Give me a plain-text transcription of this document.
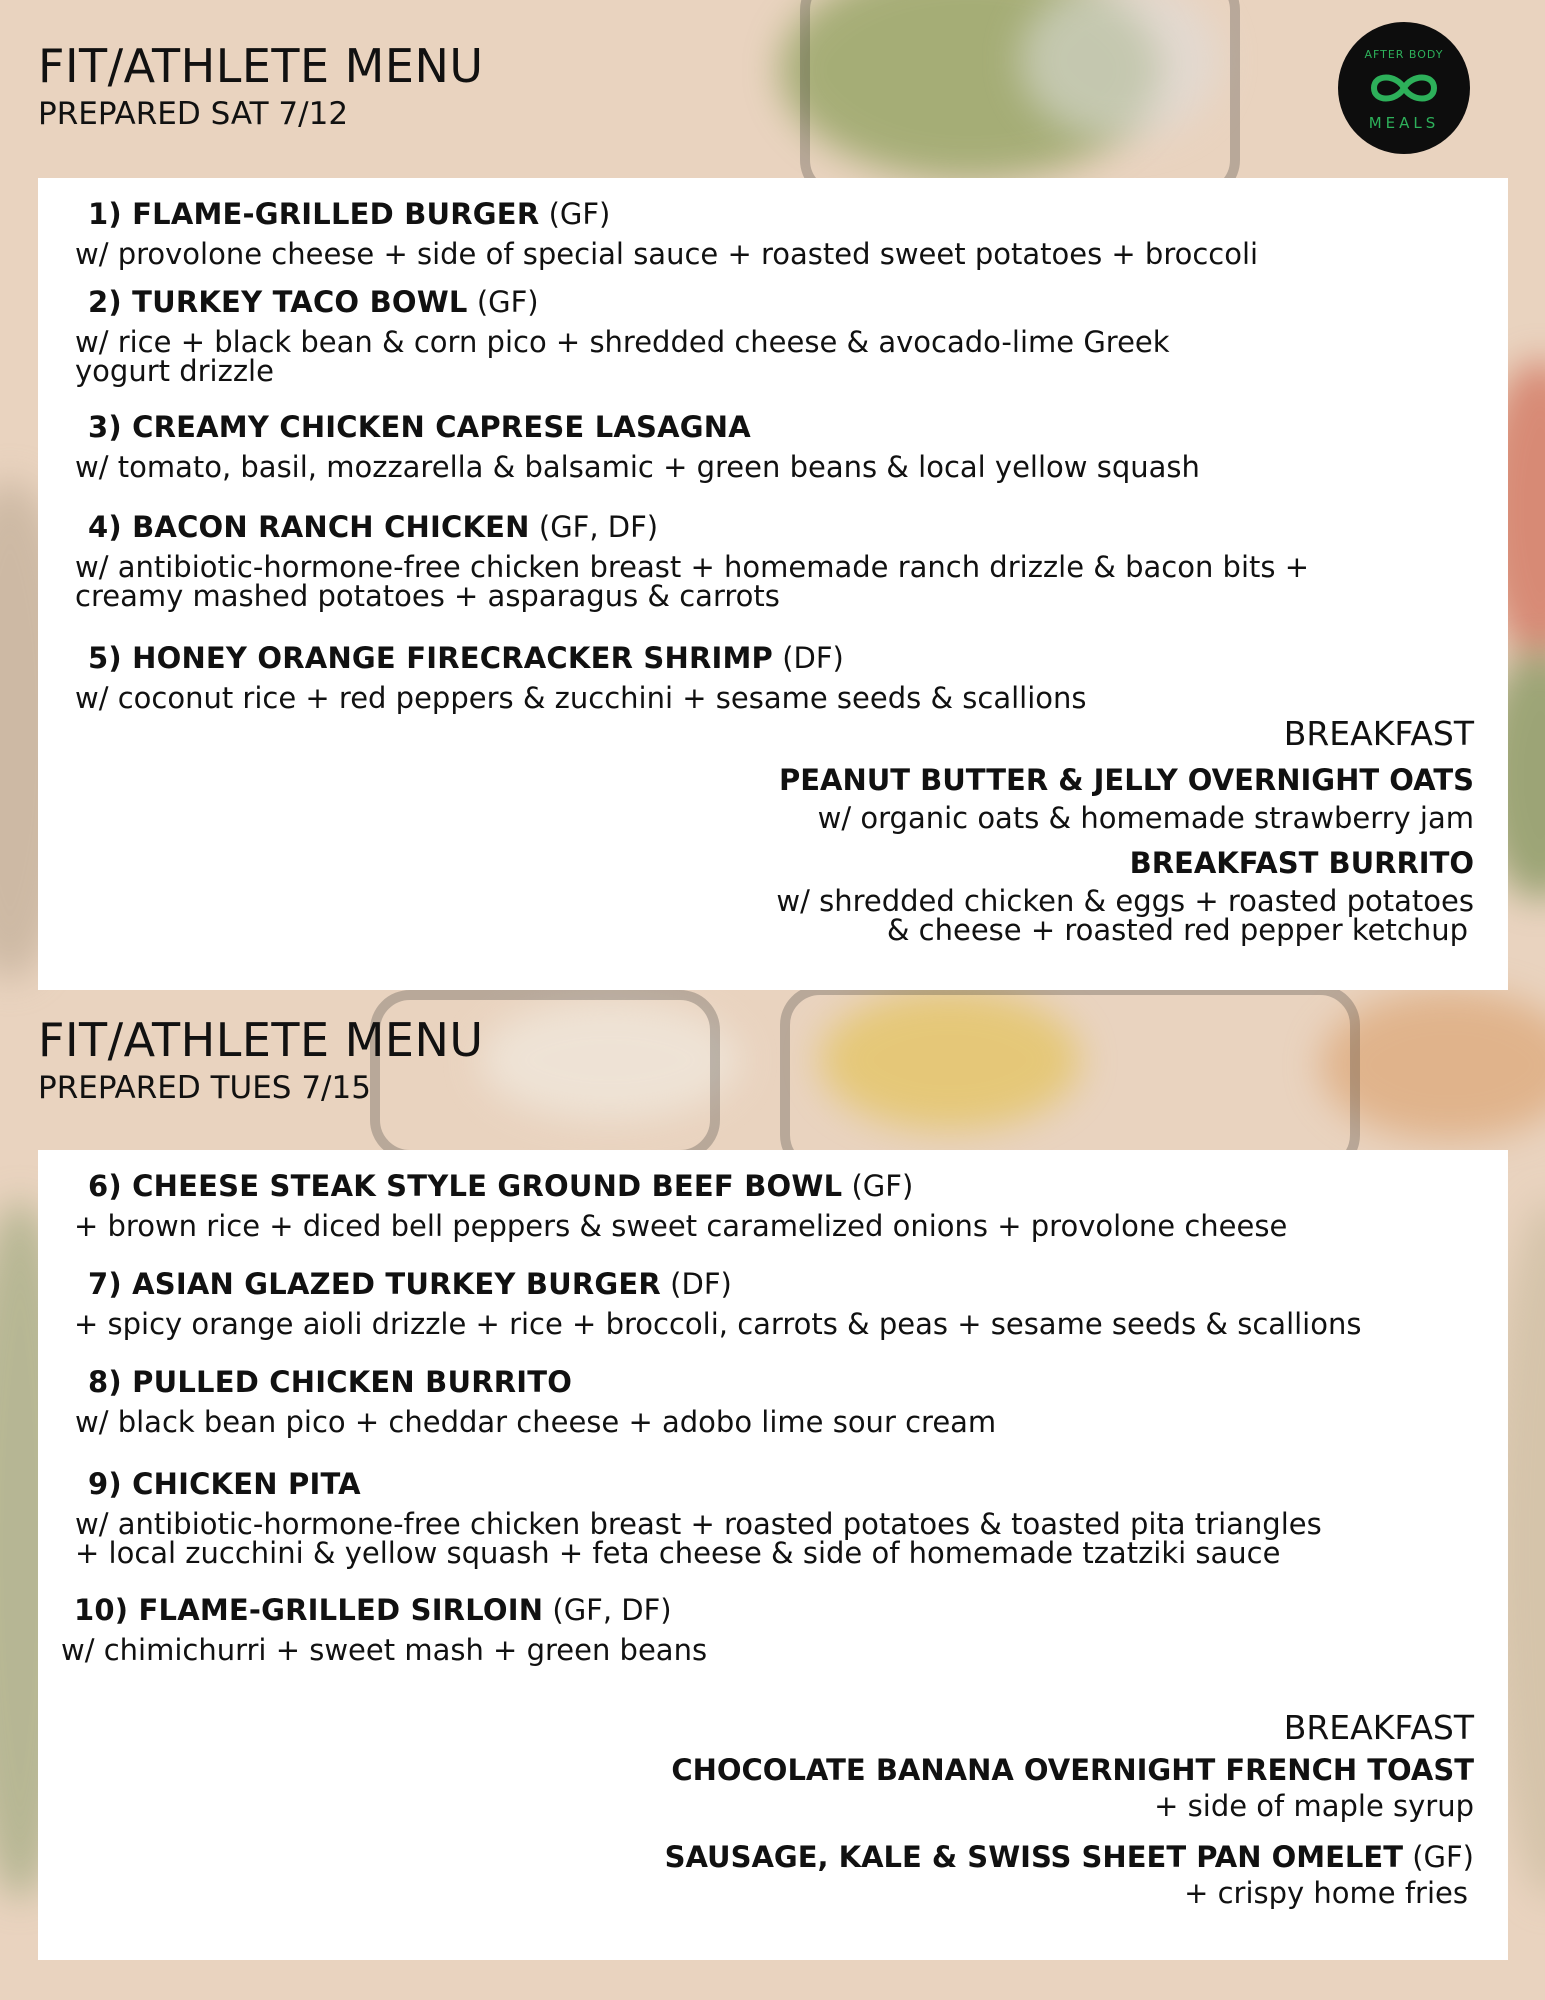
AFTER BODY
MEALS
FIT/ATHLETE MENU
PREPARED SAT 7/12
1) FLAME-GRILLED BURGER (GF)
w/ provolone cheese + side of special sauce + roasted sweet potatoes + broccoli
2) TURKEY TACO BOWL (GF)
w/ rice + black bean & corn pico + shredded cheese & avocado-lime Greek
yogurt drizzle
3) CREAMY CHICKEN CAPRESE LASAGNA
w/ tomato, basil, mozzarella & balsamic + green beans & local yellow squash
4) BACON RANCH CHICKEN (GF, DF)
w/ antibiotic-hormone-free chicken breast + homemade ranch drizzle & bacon bits +
creamy mashed potatoes + asparagus & carrots
5) HONEY ORANGE FIRECRACKER SHRIMP (DF)
w/ coconut rice + red peppers & zucchini + sesame seeds & scallions
BREAKFAST
PEANUT BUTTER & JELLY OVERNIGHT OATS
w/ organic oats & homemade strawberry jam
BREAKFAST BURRITO
w/ shredded chicken & eggs + roasted potatoes
& cheese + roasted red pepper ketchup
FIT/ATHLETE MENU
PREPARED TUES 7/15
6) CHEESE STEAK STYLE GROUND BEEF BOWL (GF)
+ brown rice + diced bell peppers & sweet caramelized onions + provolone cheese
7) ASIAN GLAZED TURKEY BURGER (DF)
+ spicy orange aioli drizzle + rice + broccoli, carrots & peas + sesame seeds & scallions
8) PULLED CHICKEN BURRITO
w/ black bean pico + cheddar cheese + adobo lime sour cream
9) CHICKEN PITA
w/ antibiotic-hormone-free chicken breast + roasted potatoes & toasted pita triangles
+ local zucchini & yellow squash + feta cheese & side of homemade tzatziki sauce
10) FLAME-GRILLED SIRLOIN (GF, DF)
w/ chimichurri + sweet mash + green beans
BREAKFAST
CHOCOLATE BANANA OVERNIGHT FRENCH TOAST
+ side of maple syrup
SAUSAGE, KALE & SWISS SHEET PAN OMELET (GF)
+ crispy home fries
